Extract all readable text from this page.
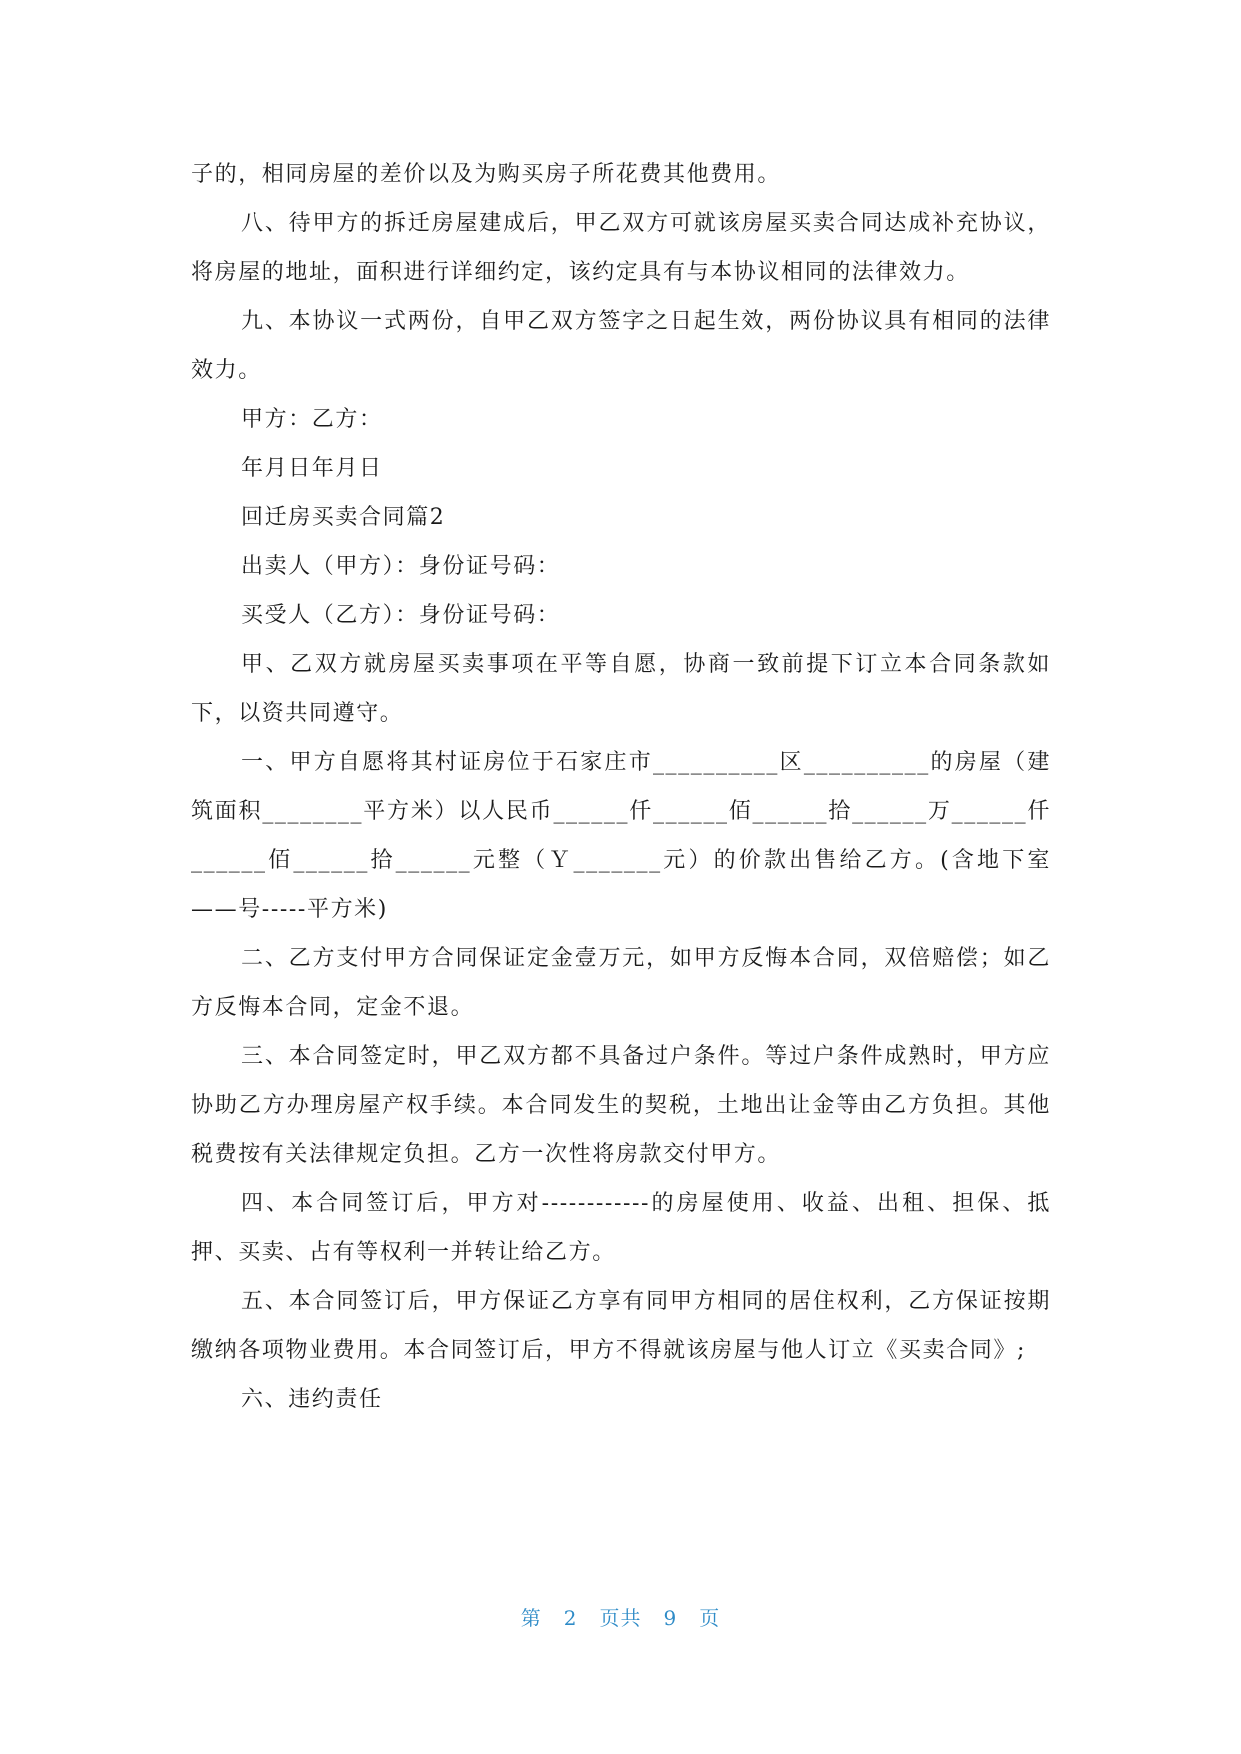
子的，相同房屋的差价以及为购买房子所花费其他费用。

八、待甲方的拆迁房屋建成后，甲乙双方可就该房屋买卖合同达成补充协议，将房屋的地址，面积进行详细约定，该约定具有与本协议相同的法律效力。

九、本协议一式两份，自甲乙双方签字之日起生效，两份协议具有相同的法律效力。

甲方：乙方：

年月日年月日

回迁房买卖合同篇2

出卖人（甲方）：身份证号码：

买受人（乙方）：身份证号码：

甲、乙双方就房屋买卖事项在平等自愿，协商一致前提下订立本合同条款如下，以资共同遵守。

一、甲方自愿将其村证房位于石家庄市__________区__________的房屋（建筑面积________平方米）以人民币______仟______佰______拾______万______仟______佰______拾______元整（Ｙ_______元）的价款出售给乙方。(含地下室——号-----平方米)

二、乙方支付甲方合同保证定金壹万元，如甲方反悔本合同，双倍赔偿；如乙方反悔本合同，定金不退。

三、本合同签定时，甲乙双方都不具备过户条件。等过户条件成熟时，甲方应协助乙方办理房屋产权手续。本合同发生的契税，土地出让金等由乙方负担。其他税费按有关法律规定负担。乙方一次性将房款交付甲方。

四、本合同签订后，甲方对------------的房屋使用、收益、出租、担保、抵押、买卖、占有等权利一并转让给乙方。

五、本合同签订后，甲方保证乙方享有同甲方相同的居住权利，乙方保证按期缴纳各项物业费用。本合同签订后，甲方不得就该房屋与他人订立《买卖合同》;

六、违约责任

第 2 页共 9 页
